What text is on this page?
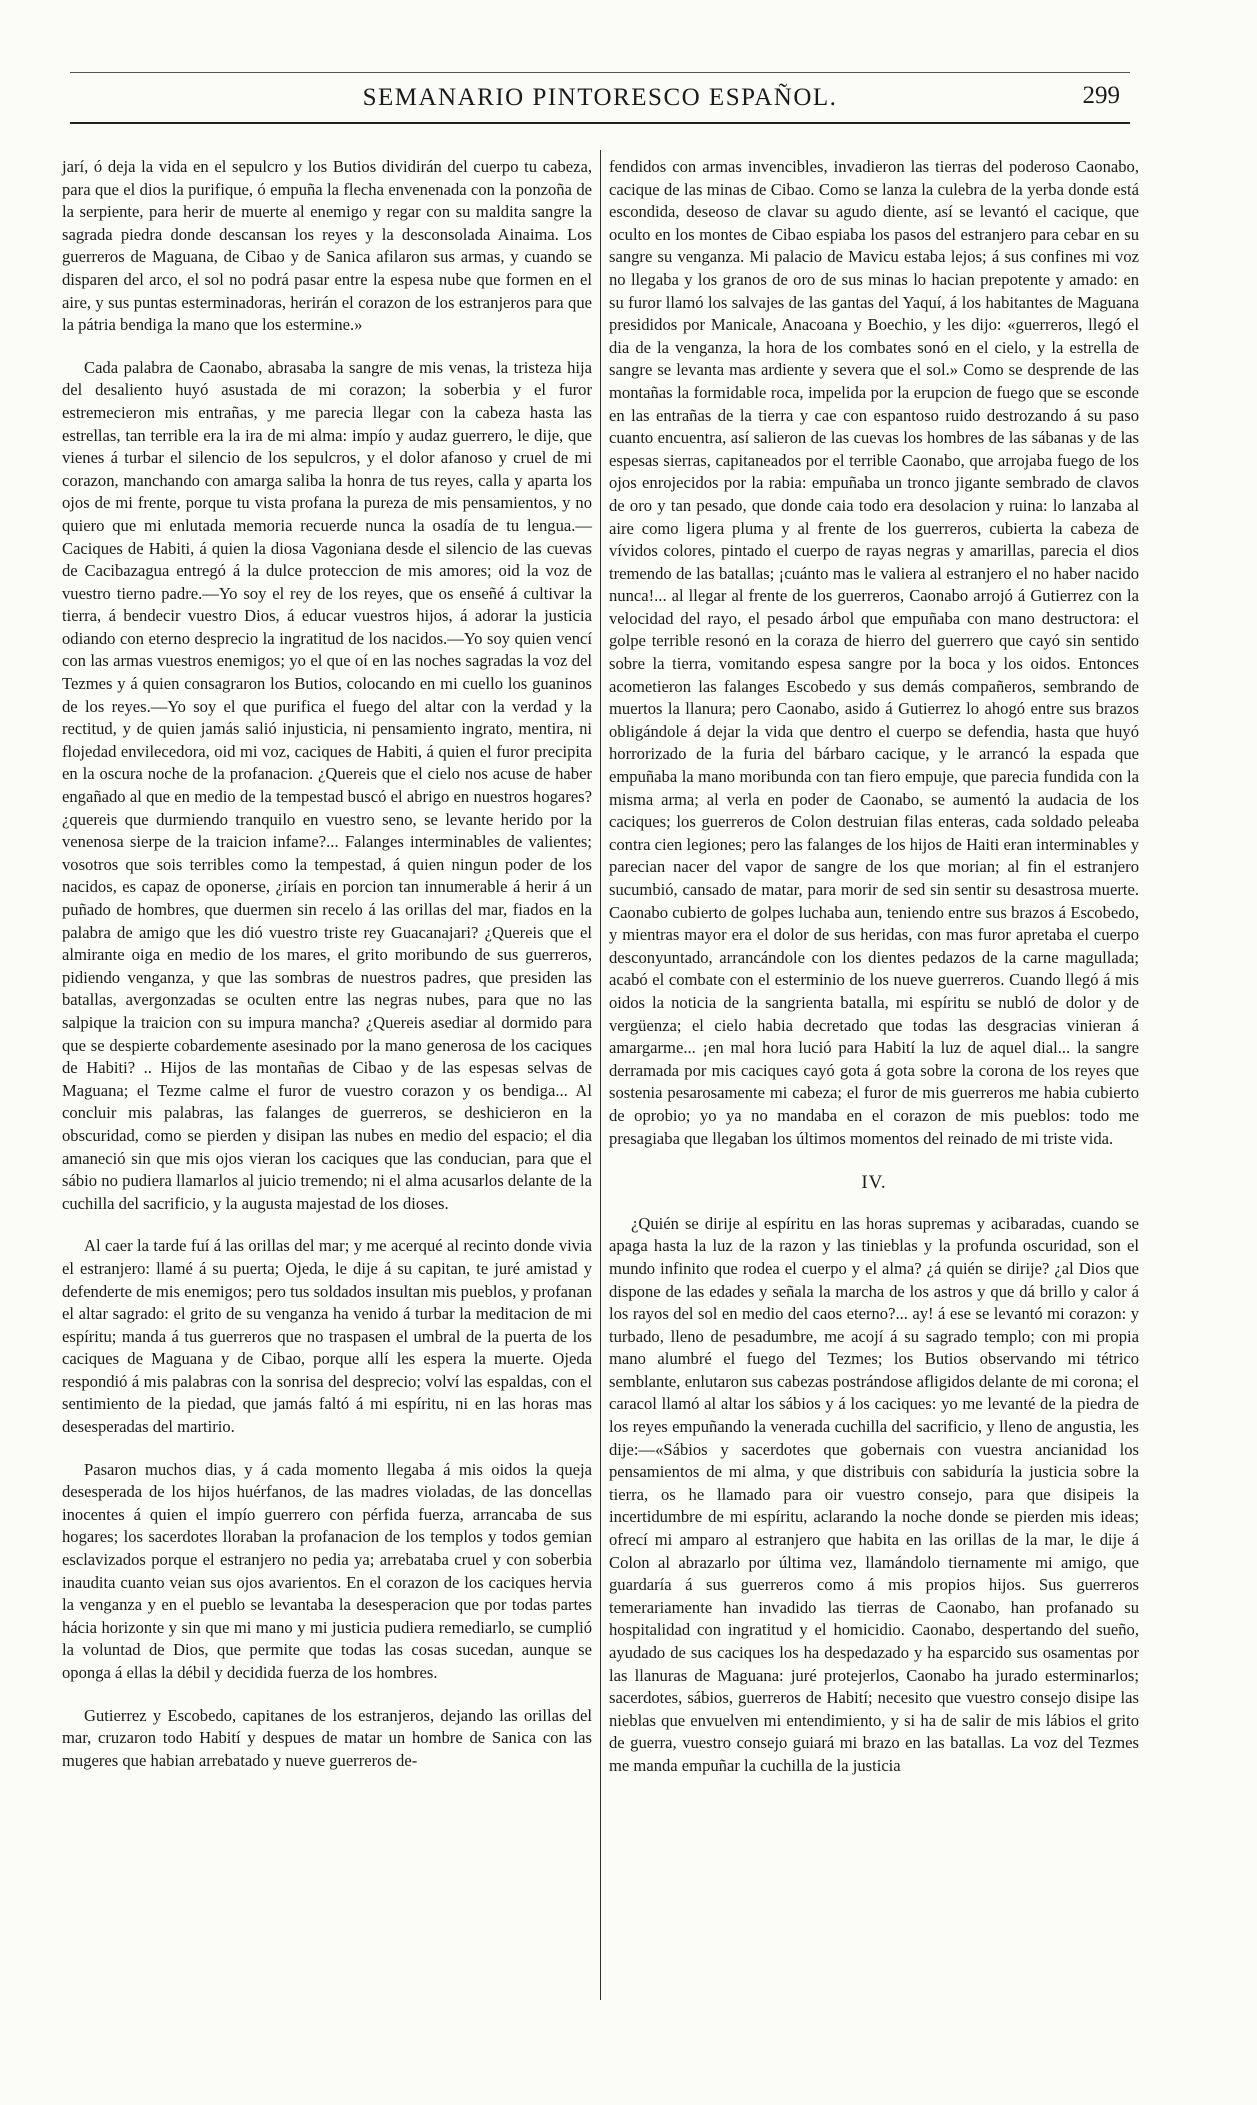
SEMANARIO PINTORESCO ESPAÑOL.	299

jarí, ó deja la vida en el sepulcro y los Butios dividirán del cuerpo tu cabeza, para que el dios la purifique, ó empuña la flecha envenenada con la ponzoña de la serpiente, para herir de muerte al enemigo y regar con su maldita sangre la sagrada piedra donde descansan los reyes y la desconsolada Ainaima. Los guerreros de Maguana, de Cibao y de Sanica afilaron sus armas, y cuando se disparen del arco, el sol no podrá pasar entre la espesa nube que formen en el aire, y sus puntas esterminadoras, herirán el corazon de los estranjeros para que la pátria bendiga la mano que los estermine.»

Cada palabra de Caonabo, abrasaba la sangre de mis venas, la tristeza hija del desaliento huyó asustada de mi corazon; la soberbia y el furor estremecieron mis entrañas, y me parecia llegar con la cabeza hasta las estrellas, tan terrible era la ira de mi alma: impío y audaz guerrero, le dije, que vienes á turbar el silencio de los sepulcros, y el dolor afanoso y cruel de mi corazon, manchando con amarga saliba la honra de tus reyes, calla y aparta los ojos de mi frente, porque tu vista profana la pureza de mis pensamientos, y no quiero que mi enlutada memoria recuerde nunca la osadía de tu lengua.—Caciques de Habiti, á quien la diosa Vagoniana desde el silencio de las cuevas de Cacibazagua entregó á la dulce proteccion de mis amores; oid la voz de vuestro tierno padre.—Yo soy el rey de los reyes, que os enseñé á cultivar la tierra, á bendecir vuestro Dios, á educar vuestros hijos, á adorar la justicia odiando con eterno desprecio la ingratitud de los nacidos.—Yo soy quien vencí con las armas vuestros enemigos; yo el que oí en las noches sagradas la voz del Tezmes y á quien consagraron los Butios, colocando en mi cuello los guaninos de los reyes.—Yo soy el que purifica el fuego del altar con la verdad y la rectitud, y de quien jamás salió injusticia, ni pensamiento ingrato, mentira, ni flojedad envilecedora, oid mi voz, caciques de Habiti, á quien el furor precipita en la oscura noche de la profanacion. ¿Quereis que el cielo nos acuse de haber engañado al que en medio de la tempestad buscó el abrigo en nuestros hogares? ¿quereis que durmiendo tranquilo en vuestro seno, se levante herido por la venenosa sierpe de la traicion infame?... Falanges interminables de valientes; vosotros que sois terribles como la tempestad, á quien ningun poder de los nacidos, es capaz de oponerse, ¿iríais en porcion tan innumerable á herir á un puñado de hombres, que duermen sin recelo á las orillas del mar, fiados en la palabra de amigo que les dió vuestro triste rey Guacanajari? ¿Quereis que el almirante oiga en medio de los mares, el grito moribundo de sus guerreros, pidiendo venganza, y que las sombras de nuestros padres, que presiden las batallas, avergonzadas se oculten entre las negras nubes, para que no las salpique la traicion con su impura mancha? ¿Quereis asediar al dormido para que se despierte cobardemente asesinado por la mano generosa de los caciques de Habiti? .. Hijos de las montañas de Cibao y de las espesas selvas de Maguana; el Tezme calme el furor de vuestro corazon y os bendiga... Al concluir mis palabras, las falanges de guerreros, se deshicieron en la obscuridad, como se pierden y disipan las nubes en medio del espacio; el dia amaneció sin que mis ojos vieran los caciques que las conducian, para que el sábio no pudiera llamarlos al juicio tremendo; ni el alma acusarlos delante de la cuchilla del sacrificio, y la augusta majestad de los dioses.

Al caer la tarde fuí á las orillas del mar; y me acerqué al recinto donde vivia el estranjero: llamé á su puerta; Ojeda, le dije á su capitan, te juré amistad y defenderte de mis enemigos; pero tus soldados insultan mis pueblos, y profanan el altar sagrado: el grito de su venganza ha venido á turbar la meditacion de mi espíritu; manda á tus guerreros que no traspasen el umbral de la puerta de los caciques de Maguana y de Cibao, porque allí les espera la muerte. Ojeda respondió á mis palabras con la sonrisa del desprecio; volví las espaldas, con el sentimiento de la piedad, que jamás faltó á mi espíritu, ni en las horas mas desesperadas del martirio.

Pasaron muchos dias, y á cada momento llegaba á mis oidos la queja desesperada de los hijos huérfanos, de las madres violadas, de las doncellas inocentes á quien el impío guerrero con pérfida fuerza, arrancaba de sus hogares; los sacerdotes lloraban la profanacion de los templos y todos gemian esclavizados porque el estranjero no pedia ya; arrebataba cruel y con soberbia inaudita cuanto veian sus ojos avarientos. En el corazon de los caciques hervia la venganza y en el pueblo se levantaba la desesperacion que por todas partes hácia horizonte y sin que mi mano y mi justicia pudiera remediarlo, se cumplió la voluntad de Dios, que permite que todas las cosas sucedan, aunque se oponga á ellas la débil y decidida fuerza de los hombres.

Gutierrez y Escobedo, capitanes de los estranjeros, dejando las orillas del mar, cruzaron todo Habití y despues de matar un hombre de Sanica con las mugeres que habian arrebatado y nueve guerreros de-

fendidos con armas invencibles, invadieron las tierras del poderoso Caonabo, cacique de las minas de Cibao. Como se lanza la culebra de la yerba donde está escondida, deseoso de clavar su agudo diente, así se levantó el cacique, que oculto en los montes de Cibao espiaba los pasos del estranjero para cebar en su sangre su venganza. Mi palacio de Mavicu estaba lejos; á sus confines mi voz no llegaba y los granos de oro de sus minas lo hacian prepotente y amado: en su furor llamó los salvajes de las gantas del Yaquí, á los habitantes de Maguana presididos por Manicale, Anacoana y Boechio, y les dijo: «guerreros, llegó el dia de la venganza, la hora de los combates sonó en el cielo, y la estrella de sangre se levanta mas ardiente y severa que el sol.» Como se desprende de las montañas la formidable roca, impelida por la erupcion de fuego que se esconde en las entrañas de la tierra y cae con espantoso ruido destrozando á su paso cuanto encuentra, así salieron de las cuevas los hombres de las sábanas y de las espesas sierras, capitaneados por el terrible Caonabo, que arrojaba fuego de los ojos enrojecidos por la rabia: empuñaba un tronco jigante sembrado de clavos de oro y tan pesado, que donde caia todo era desolacion y ruina: lo lanzaba al aire como ligera pluma y al frente de los guerreros, cubierta la cabeza de vívidos colores, pintado el cuerpo de rayas negras y amarillas, parecia el dios tremendo de las batallas; ¡cuánto mas le valiera al estranjero el no haber nacido nunca!... al llegar al frente de los guerreros, Caonabo arrojó á Gutierrez con la velocidad del rayo, el pesado árbol que empuñaba con mano destructora: el golpe terrible resonó en la coraza de hierro del guerrero que cayó sin sentido sobre la tierra, vomitando espesa sangre por la boca y los oidos. Entonces acometieron las falanges Escobedo y sus demás compañeros, sembrando de muertos la llanura; pero Caonabo, asido á Gutierrez lo ahogó entre sus brazos obligándole á dejar la vida que dentro el cuerpo se defendia, hasta que huyó horrorizado de la furia del bárbaro cacique, y le arrancó la espada que empuñaba la mano moribunda con tan fiero empuje, que parecia fundida con la misma arma; al verla en poder de Caonabo, se aumentó la audacia de los caciques; los guerreros de Colon destruian filas enteras, cada soldado peleaba contra cien legiones; pero las falanges de los hijos de Haiti eran interminables y parecian nacer del vapor de sangre de los que morian; al fin el estranjero sucumbió, cansado de matar, para morir de sed sin sentir su desastrosa muerte. Caonabo cubierto de golpes luchaba aun, teniendo entre sus brazos á Escobedo, y mientras mayor era el dolor de sus heridas, con mas furor apretaba el cuerpo desconyuntado, arrancándole con los dientes pedazos de la carne magullada; acabó el combate con el esterminio de los nueve guerreros. Cuando llegó á mis oidos la noticia de la sangrienta batalla, mi espíritu se nubló de dolor y de vergüenza; el cielo habia decretado que todas las desgracias vinieran á amargarme... ¡en mal hora lució para Habití la luz de aquel dial... la sangre derramada por mis caciques cayó gota á gota sobre la corona de los reyes que sostenia pesarosamente mi cabeza; el furor de mis guerreros me habia cubierto de oprobio; yo ya no mandaba en el corazon de mis pueblos: todo me presagiaba que llegaban los últimos momentos del reinado de mi triste vida.

IV.

¿Quién se dirije al espíritu en las horas supremas y acibaradas, cuando se apaga hasta la luz de la razon y las tinieblas y la profunda oscuridad, son el mundo infinito que rodea el cuerpo y el alma? ¿á quién se dirije? ¿al Dios que dispone de las edades y señala la marcha de los astros y que dá brillo y calor á los rayos del sol en medio del caos eterno?... ay! á ese se levantó mi corazon: y turbado, lleno de pesadumbre, me acojí á su sagrado templo; con mi propia mano alumbré el fuego del Tezmes; los Butios observando mi tétrico semblante, enlutaron sus cabezas postrándose afligidos delante de mi corona; el caracol llamó al altar los sábios y á los caciques: yo me levanté de la piedra de los reyes empuñando la venerada cuchilla del sacrificio, y lleno de angustia, les dije:—«Sábios y sacerdotes que gobernais con vuestra ancianidad los pensamientos de mi alma, y que distribuis con sabiduría la justicia sobre la tierra, os he llamado para oir vuestro consejo, para que disipeis la incertidumbre de mi espíritu, aclarando la noche donde se pierden mis ideas; ofrecí mi amparo al estranjero que habita en las orillas de la mar, le dije á Colon al abrazarlo por última vez, llamándolo tiernamente mi amigo, que guardaría á sus guerreros como á mis propios hijos. Sus guerreros temerariamente han invadido las tierras de Caonabo, han profanado su hospitalidad con ingratitud y el homicidio. Caonabo, despertando del sueño, ayudado de sus caciques los ha despedazado y ha esparcido sus osamentas por las llanuras de Maguana: juré protejerlos, Caonabo ha jurado esterminarlos; sacerdotes, sábios, guerreros de Habití; necesito que vuestro consejo disipe las nieblas que envuelven mi entendimiento, y si ha de salir de mis lábios el grito de guerra, vuestro consejo guiará mi brazo en las batallas. La voz del Tezmes me manda empuñar la cuchilla de la justicia
